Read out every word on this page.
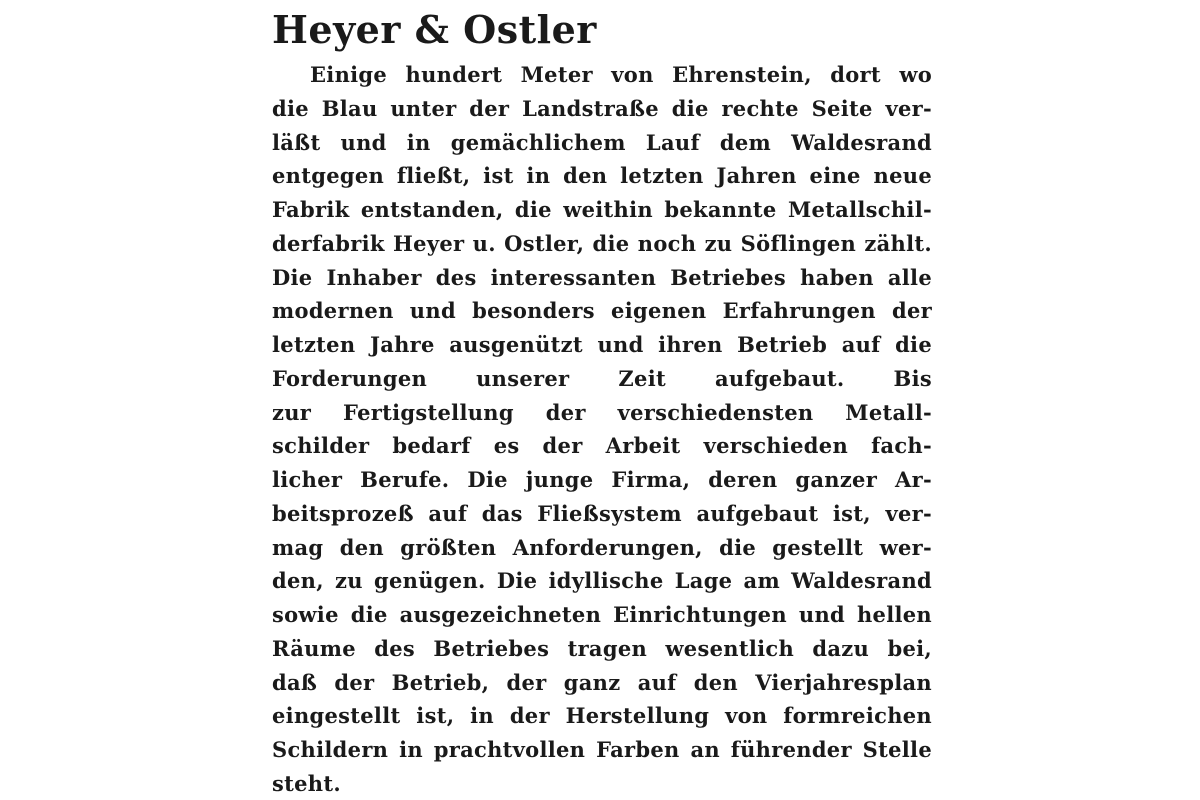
Heyer & Ostler
Einige hundert Meter von Ehrenstein, dort wo
die Blau unter der Landstraße die rechte Seite ver-
läßt und in gemächlichem Lauf dem Waldesrand
entgegen fließt, ist in den letzten Jahren eine neue
Fabrik entstanden, die weithin bekannte Metallschil-
derfabrik Heyer u. Ostler, die noch zu Söflingen zählt.
Die Inhaber des interessanten Betriebes haben alle
modernen und besonders eigenen Erfahrungen der
letzten Jahre ausgenützt und ihren Betrieb auf die
Forderungen unserer Zeit aufgebaut. Bis
zur Fertigstellung der verschiedensten Metall-
schilder bedarf es der Arbeit verschieden fach-
licher Berufe. Die junge Firma, deren ganzer Ar-
beitsprozeß auf das Fließsystem aufgebaut ist, ver-
mag den größten Anforderungen, die gestellt wer-
den, zu genügen. Die idyllische Lage am Waldesrand
sowie die ausgezeichneten Einrichtungen und hellen
Räume des Betriebes tragen wesentlich dazu bei,
daß der Betrieb, der ganz auf den Vierjahresplan
eingestellt ist, in der Herstellung von formreichen
Schildern in prachtvollen Farben an führender Stelle
steht.
